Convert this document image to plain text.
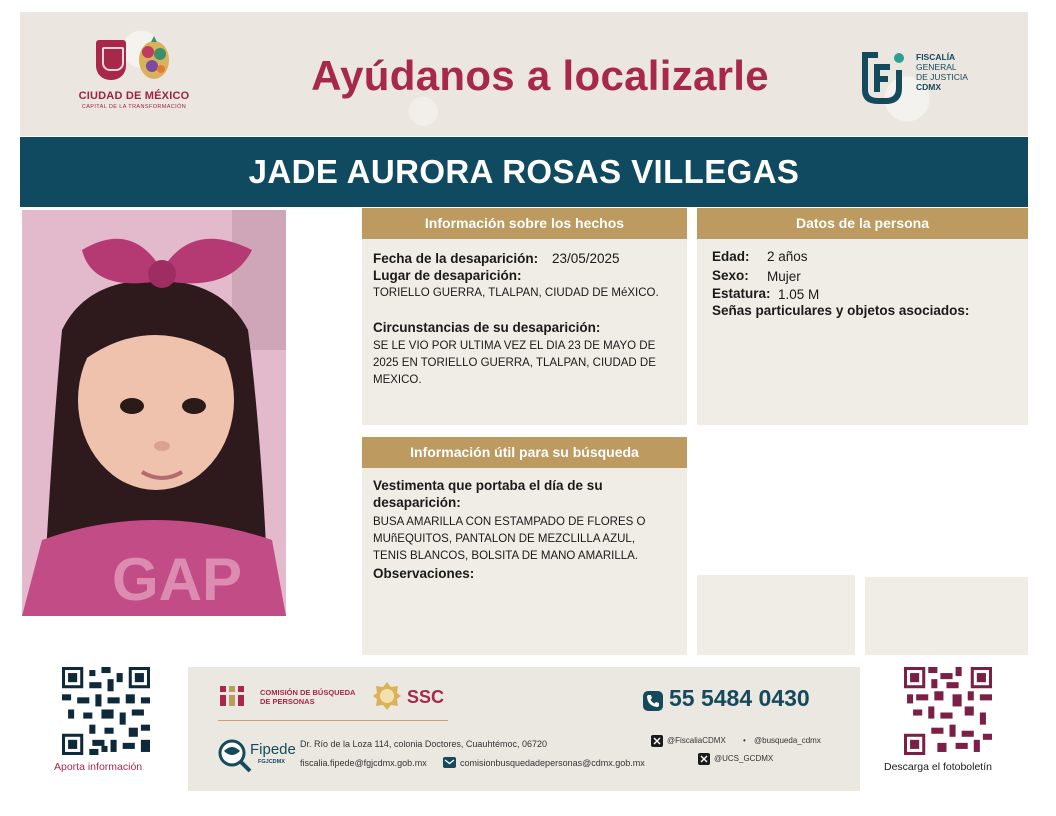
CIUDAD DE MÉXICO
CAPITAL DE LA TRANSFORMACIÓN
Ayúdanos a localizarle	FISCALÍA
GENERAL
DE JUSTICIA
CDMX
JADE AURORA ROSAS VILLEGAS
GAP
Información sobre los hechos
Fecha de la desaparición: 23/05/2025
Lugar de desaparición:
TORIELLO GUERRA, TLALPAN, CIUDAD DE MéXICO.
Circunstancias de su desaparición:
SE LE VIO POR ULTIMA VEZ EL DIA 23 DE MAYO DE
2025 EN TORIELLO GUERRA, TLALPAN, CIUDAD DE
MEXICO.
Datos de la persona
Edad: 2 años
Sexo: Mujer
Estatura: 1.05 M
Señas particulares y objetos asociados:
Información útil para su búsqueda
Vestimenta que portaba el día de su
desaparición:
BUSA AMARILLA CON ESTAMPADO DE FLORES O
MUñEQUITOS, PANTALON DE MEZCLILLA AZUL,
TENIS BLANCOS, BOLSITA DE MANO AMARILLA.
Observaciones:
Aporta información
COMISIÓN DE BÚSQUEDA
DE PERSONAS	SSC	55 5484 0430
Fipede
FGJCDMX
Dr. Río de la Loza 114, colonia Doctores, Cuauhtémoc, 06720
fiscalia.fipede@fgjcdmx.gob.mx	comisionbusquedadepersonas@cdmx.gob.mx
@FiscaliaCDMX • @busqueda_cdmx
@UCS_GCDMX
Descarga el fotoboletín
